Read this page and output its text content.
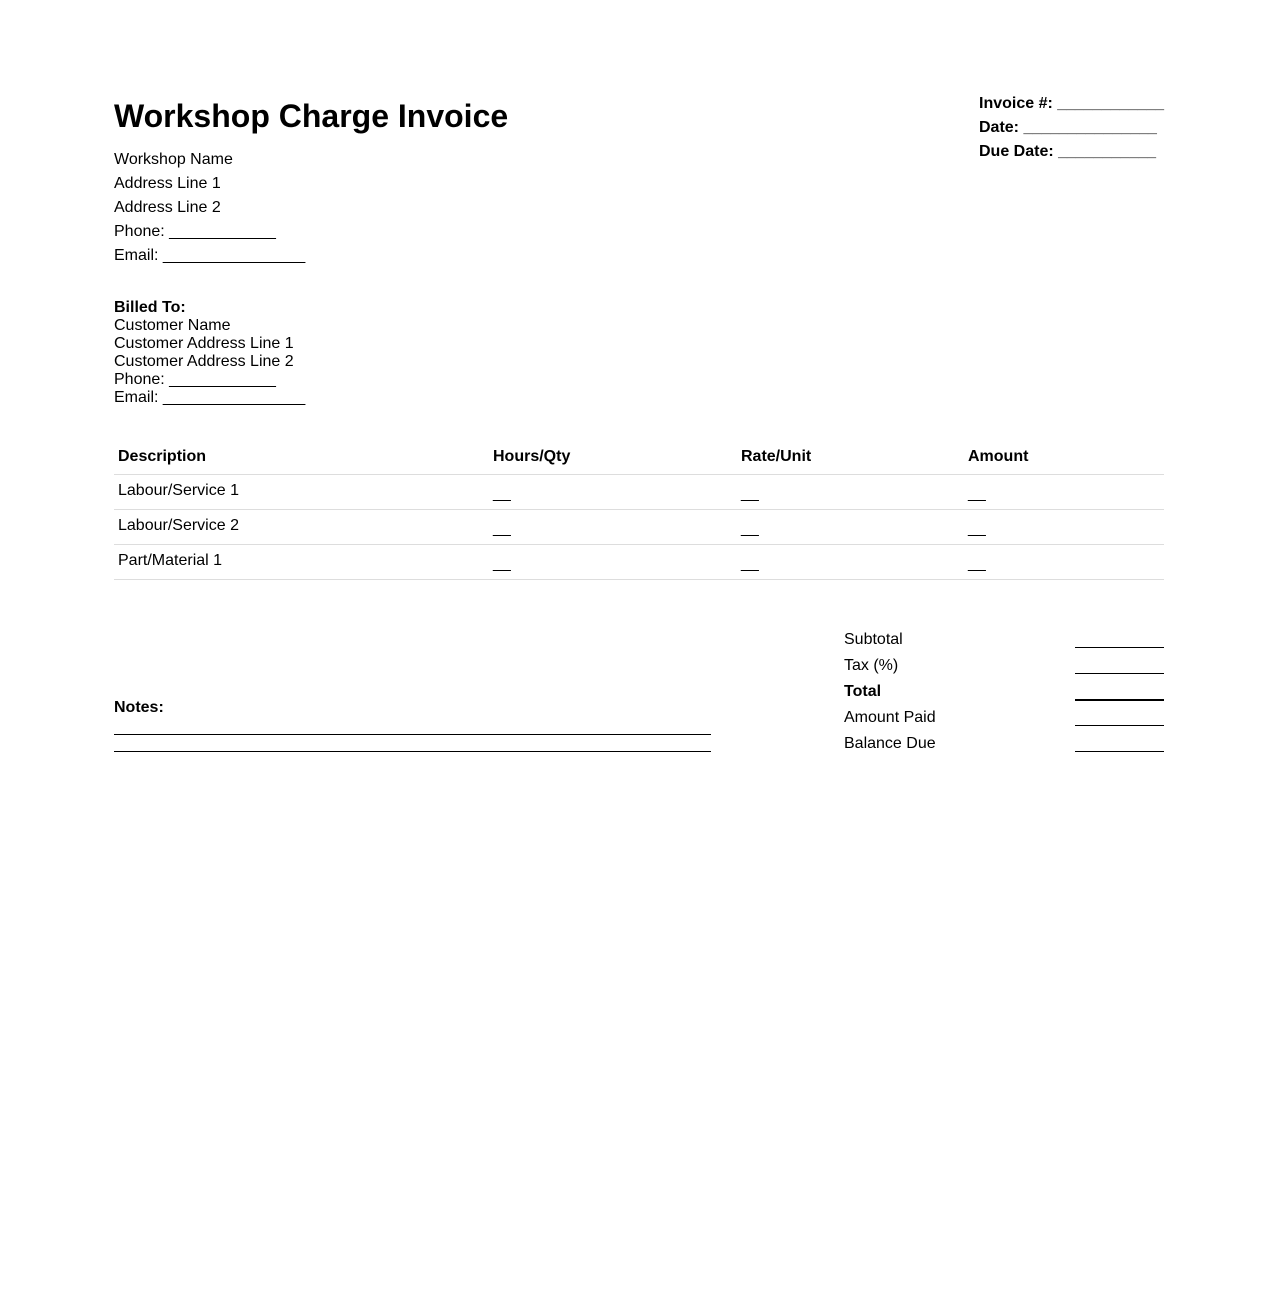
Workshop Charge Invoice
Workshop Name
Address Line 1
Address Line 2
Phone: ____________
Email: ________________
Invoice #: ____________
Date: _______________
Due Date: ___________
Billed To:
Customer Name
Customer Address Line 1
Customer Address Line 2
Phone: ____________
Email: ________________
Description	Hours/Qty	Rate/Unit	Amount

Labour/Service 1	__	__	__

Labour/Service 2	__	__	__

Part/Material 1	__	__	__
Notes:
Subtotal
Tax (%)
Total
Amount Paid
Balance Due
